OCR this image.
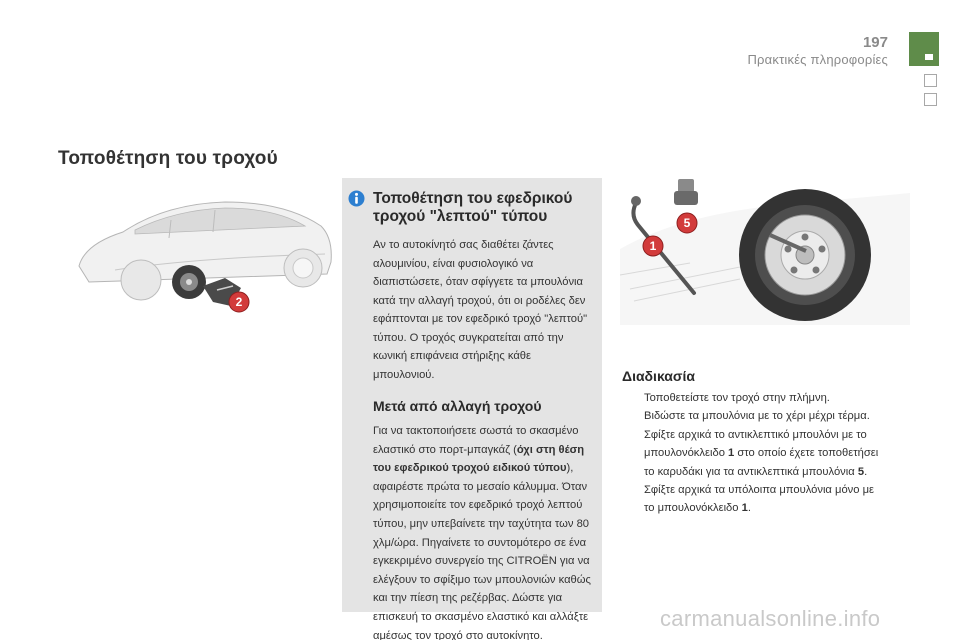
197
Πρακτικές πληροφορίες
Τοποθέτηση του τροχού
2
5
1
Τοποθέτηση του εφεδρικού τροχού "λεπτού" τύπου
Αν το αυτοκίνητό σας διαθέτει ζάντες αλουμινίου, είναι φυσιολογικό να διαπιστώσετε, όταν σφίγγετε τα μπουλόνια κατά την αλλαγή τροχού, ότι οι ροδέλες δεν εφάπτονται με τον εφεδρικό τροχό "λεπτού" τύπου. Ο τροχός συγκρατείται από την κωνική επιφάνεια στήριξης κάθε μπουλονιού.
Μετά από αλλαγή τροχού
Για να τακτοποιήσετε σωστά το σκασμένο ελαστικό στο πορτ-μπαγκάζ (όχι στη θέση του εφεδρικού τροχού ειδικού τύπου), αφαιρέστε πρώτα το μεσαίο κάλυμμα. Όταν χρησιμοποιείτε τον εφεδρικό τροχό λεπτού τύπου, μην υπεβαίνετε την ταχύτητα των 80 χλμ/ώρα. Πηγαίνετε το συντομότερο σε ένα εγκεκριμένο συνεργείο της CITROËN για να ελέγξουν το σφίξιμο των μπουλονιών καθώς και την πίεση της ρεζέρβας. Δώστε για επισκευή το σκασμένο ελαστικό και αλλάξτε αμέσως τον τροχό στο αυτοκίνητο.
Διαδικασία
Τοποθετείστε τον τροχό στην πλήμνη.
Βιδώστε τα μπουλόνια με το χέρι μέχρι τέρμα.
Σφίξτε αρχικά το αντικλεπτικό μπουλόνι με το μπουλονόκλειδο 1 στο οποίο έχετε τοποθετήσει το καρυδάκι για τα αντικλεπτικά μπουλόνια 5.
Σφίξτε αρχικά τα υπόλοιπα μπουλόνια μόνο με το μπουλονόκλειδο 1.
carmanualsonline.info
